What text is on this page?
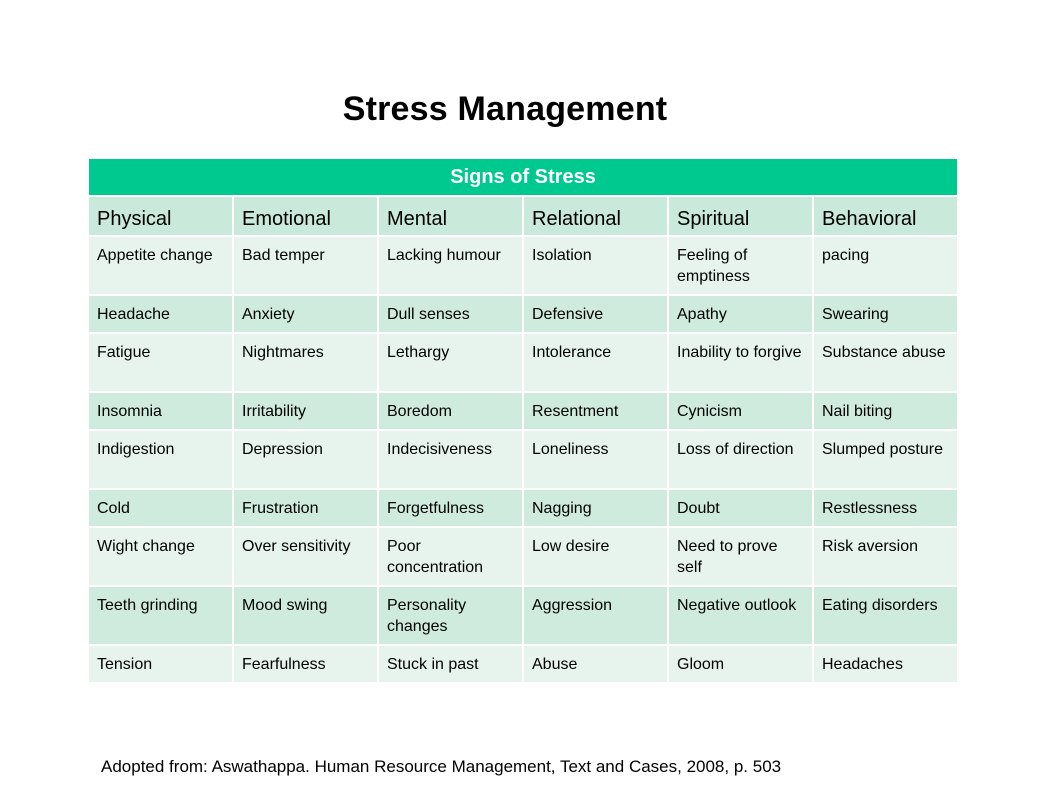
Stress Management
Signs of Stress					
Physical	Emotional	Mental	Relational	Spiritual	Behavioral
Appetite change	Bad temper	Lacking humour	Isolation	Feeling of emptiness	pacing
Headache	Anxiety	Dull senses	Defensive	Apathy	Swearing
Fatigue	Nightmares	Lethargy	Intolerance	Inability to forgive	Substance abuse
Insomnia	Irritability	Boredom	Resentment	Cynicism	Nail biting
Indigestion	Depression	Indecisiveness	Loneliness	Loss of direction	Slumped posture
Cold	Frustration	Forgetfulness	Nagging	Doubt	Restlessness
Wight change	Over sensitivity	Poor concentration	Low desire	Need to prove self	Risk aversion
Teeth grinding	Mood swing	Personality changes	Aggression	Negative outlook	Eating disorders
Tension	Fearfulness	Stuck in past	Abuse	Gloom	Headaches
Adopted from: Aswathappa. Human Resource Management, Text and Cases, 2008, p. 503
